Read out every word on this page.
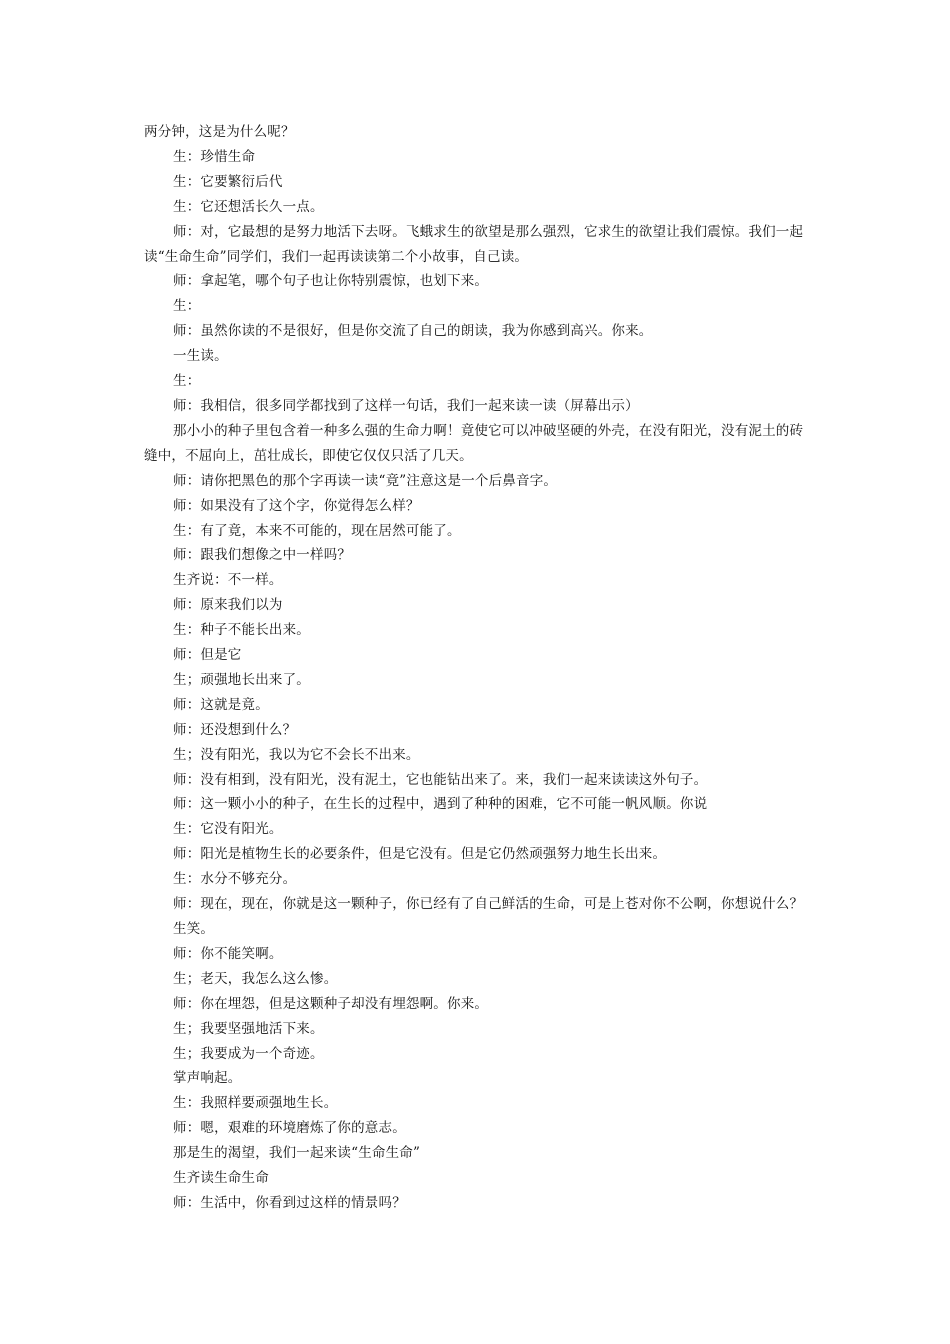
两分钟，这是为什么呢？
生：珍惜生命
生：它要繁衍后代
生：它还想活长久一点。
师：对，它最想的是努力地活下去呀。飞蛾求生的欲望是那么强烈，它求生的欲望让我们震惊。我们一起读“生命生命”同学们，我们一起再读读第二个小故事，自己读。
师：拿起笔，哪个句子也让你特别震惊，也划下来。
生：
师：虽然你读的不是很好，但是你交流了自己的朗读，我为你感到高兴。你来。
一生读。
生：
师：我相信，很多同学都找到了这样一句话，我们一起来读一读（屏幕出示）
那小小的种子里包含着一种多么强的生命力啊！竟使它可以冲破坚硬的外壳，在没有阳光，没有泥土的砖缝中，不屈向上，茁壮成长，即使它仅仅只活了几天。
师：请你把黑色的那个字再读一读“竟”注意这是一个后鼻音字。
师：如果没有了这个字，你觉得怎么样？
生：有了竟，本来不可能的，现在居然可能了。
师：跟我们想像之中一样吗？
生齐说：不一样。
师：原来我们以为
生：种子不能长出来。
师：但是它
生；顽强地长出来了。
师：这就是竟。
师：还没想到什么？
生；没有阳光，我以为它不会长不出来。
师：没有相到，没有阳光，没有泥土，它也能钻出来了。来，我们一起来读读这外句子。
师：这一颗小小的种子，在生长的过程中，遇到了种种的困难，它不可能一帆风顺。你说
生：它没有阳光。
师：阳光是植物生长的必要条件，但是它没有。但是它仍然顽强努力地生长出来。
生：水分不够充分。
师：现在，现在，你就是这一颗种子，你已经有了自己鲜活的生命，可是上苍对你不公啊，你想说什么？
生笑。
师：你不能笑啊。
生；老天，我怎么这么惨。
师：你在埋怨，但是这颗种子却没有埋怨啊。你来。
生；我要坚强地活下来。
生；我要成为一个奇迹。
掌声响起。
生：我照样要顽强地生长。
师：嗯，艰难的环境磨炼了你的意志。
那是生的渴望，我们一起来读“生命生命”
生齐读生命生命
师：生活中，你看到过这样的情景吗？
